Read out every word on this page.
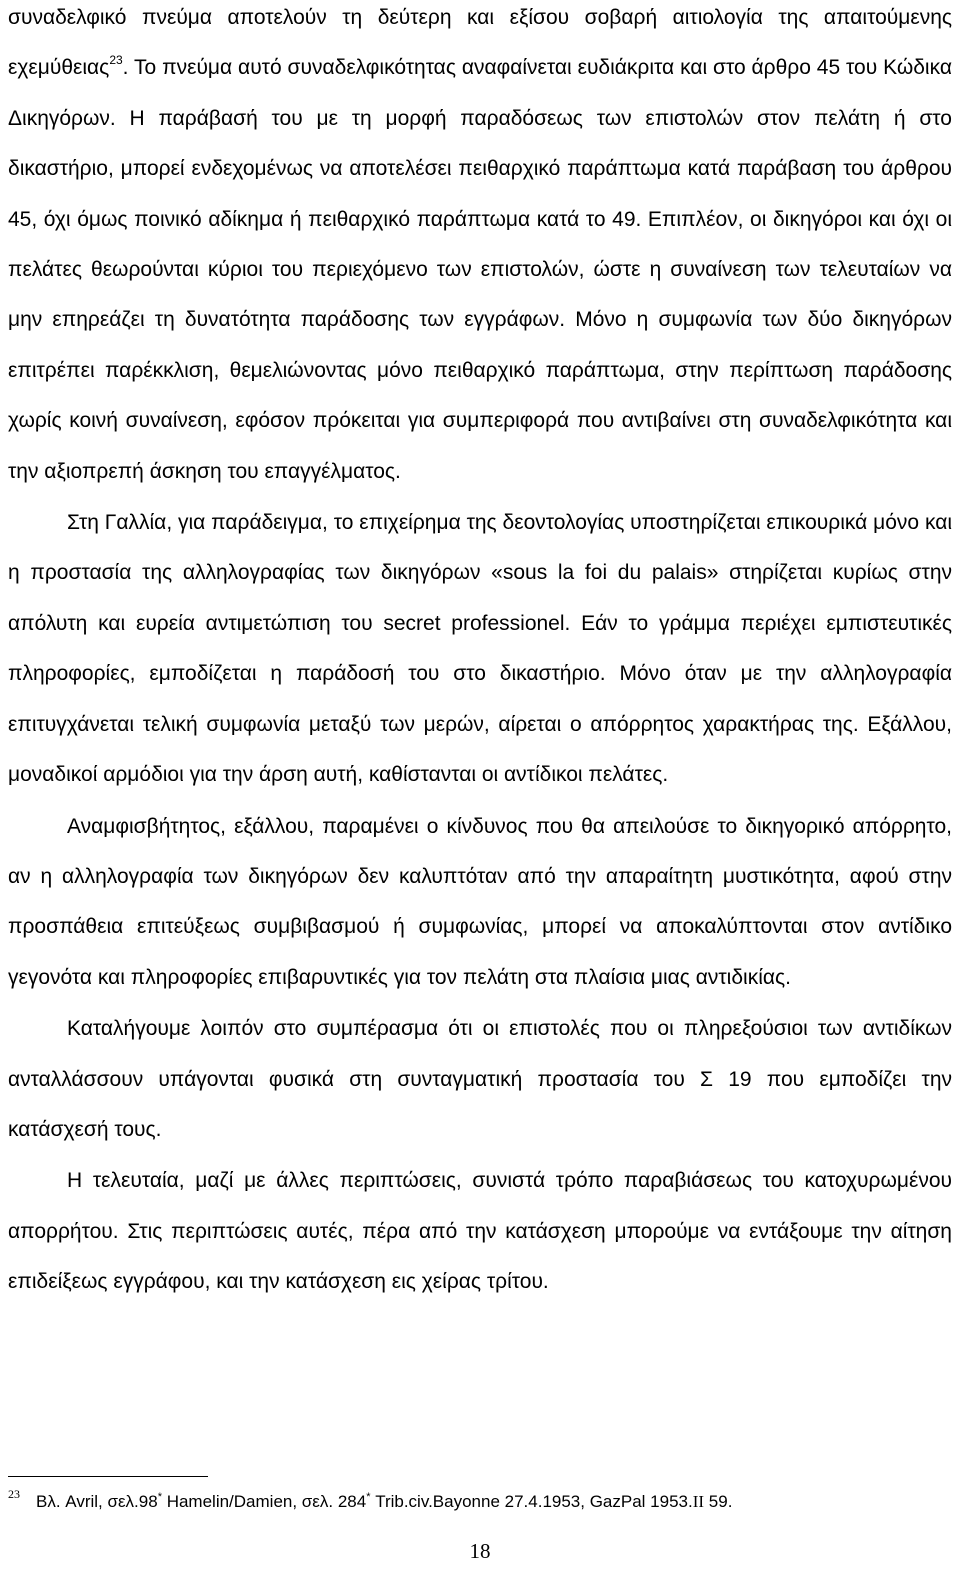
συναδελφικό πνεύμα αποτελούν τη δεύτερη και εξίσου σοβαρή αιτιολογία της απαιτούμενης εχεμύθειας$^{23}$. Το πνεύμα αυτό συναδελφικότητας αναφαίνεται ευδιάκριτα και στο άρθρο 45 του Κώδικα Δικηγόρων. Η παράβασή του με τη μορφή παραδόσεως των επιστολών στον πελάτη ή στο δικαστήριο, μπορεί ενδεχομένως να αποτελέσει πειθαρχικό παράπτωμα κατά παράβαση του άρθρου 45, όχι όμως ποινικό αδίκημα ή πειθαρχικό παράπτωμα κατά το 49. Επιπλέον, οι δικηγόροι και όχι οι πελάτες θεωρούνται κύριοι του περιεχόμενο των επιστολών, ώστε η συναίνεση των τελευταίων να μην επηρεάζει τη δυνατότητα παράδοσης των εγγράφων. Μόνο η συμφωνία των δύο δικηγόρων επιτρέπει παρέκκλιση, θεμελιώνοντας μόνο πειθαρχικό παράπτωμα, στην περίπτωση παράδοσης χωρίς κοινή συναίνεση, εφόσον πρόκειται για συμπεριφορά που αντιβαίνει στη συναδελφικότητα και την αξιοπρεπή άσκηση του επαγγέλματος.

Στη Γαλλία, για παράδειγμα, το επιχείρημα της δεοντολογίας υποστηρίζεται επικουρικά μόνο και η προστασία της αλληλογραφίας των δικηγόρων «sous la foi du palais» στηρίζεται κυρίως στην απόλυτη και ευρεία αντιμετώπιση του secret professionel. Εάν το γράμμα περιέχει εμπιστευτικές πληροφορίες, εμποδίζεται η παράδοσή του στο δικαστήριο. Μόνο όταν με την αλληλογραφία επιτυγχάνεται τελική συμφωνία μεταξύ των μερών, αίρεται ο απόρρητος χαρακτήρας της. Εξάλλου, μοναδικοί αρμόδιοι για την άρση αυτή, καθίστανται οι αντίδικοι πελάτες.

Αναμφισβήτητος, εξάλλου, παραμένει ο κίνδυνος που θα απειλούσε το δικηγορικό απόρρητο, αν η αλληλογραφία των δικηγόρων δεν καλυπτόταν από την απαραίτητη μυστικότητα, αφού στην προσπάθεια επιτεύξεως συμβιβασμού ή συμφωνίας, μπορεί να αποκαλύπτονται στον αντίδικο γεγονότα και πληροφορίες επιβαρυντικές για τον πελάτη στα πλαίσια μιας αντιδικίας.

Καταλήγουμε λοιπόν στο συμπέρασμα ότι οι επιστολές που οι πληρεξούσιοι των αντιδίκων ανταλλάσσουν υπάγονται φυσικά στη συνταγματική προστασία του Σ 19 που εμποδίζει την κατάσχεσή τους.

Η τελευταία, μαζί με άλλες περιπτώσεις, συνιστά τρόπο παραβιάσεως του κατοχυρωμένου απορρήτου. Στις περιπτώσεις αυτές, πέρα από την κατάσχεση μπορούμε να εντάξουμε την αίτηση επιδείξεως εγγράφου, και την κατάσχεση εις χείρας τρίτου.

23 Βλ. Avril, σελ.98* Hamelin/Damien, σελ. 284* Trib.civ.Bayonne 27.4.1953, GazPal 1953.II 59.
18
